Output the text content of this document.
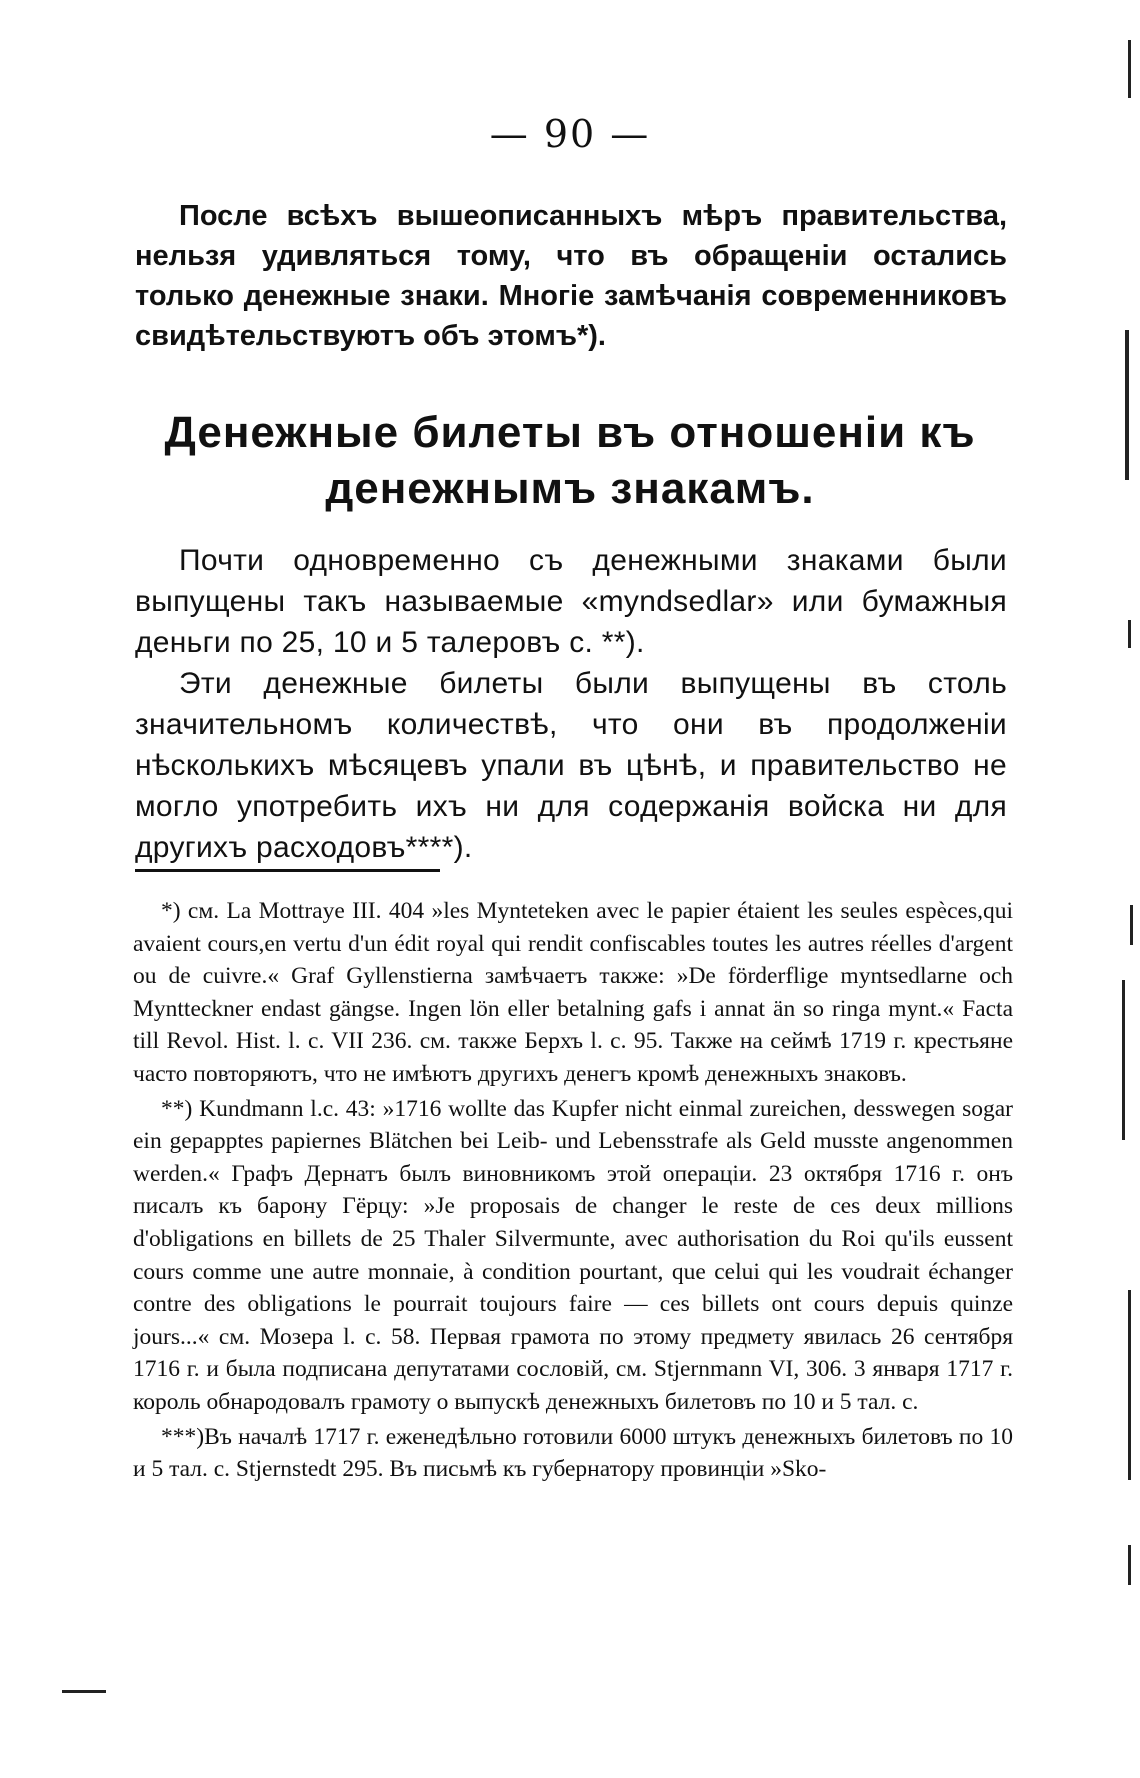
— 90 —

После всѣхъ вышеописанныхъ мѣръ правительства, нельзя удивляться тому, что въ обращеніи остались только денежные знаки. Многіе замѣчанія современниковъ свидѣтельствуютъ объ этомъ*).

Денежные билеты въ отношеніи къ денежнымъ знакамъ.

Почти одновременно съ денежными знаками были выпущены такъ называемые «myndsedlar» или бумажныя деньги по 25, 10 и 5 талеровъ с. **).

Эти денежные билеты были выпущены въ столь значительномъ количествѣ, что они въ продолженіи нѣсколькихъ мѣсяцевъ упали въ цѣнѣ, и правительство не могло употребить ихъ ни для содержанія войска ни для другихъ расходовъ****).

*) см. La Mottraye III. 404 »les Mynteteken avec le papier étaient les seules espèces,qui avaient cours,en vertu d'un édit royal qui rendit confiscables toutes les autres réelles d'argent ou de cuivre.« Graf Gyllenstierna замѣчаетъ также: »De förderflige myntsedlarne och Myntteckner endast gängse. Ingen lön eller betalning gafs i annat än so ringa mynt.« Facta till Revol. Hist. l. c. VII 236. см. также Берхъ l. c. 95. Также на сеймѣ 1719 г. крестьяне часто повторяютъ, что не имѣютъ другихъ денегъ кромѣ денежныхъ знаковъ.

**) Kundmann l.c. 43: »1716 wollte das Kupfer nicht einmal zureichen, desswegen sogar ein gepapptes papiernes Blätchen bei Leib- und Lebensstrafe als Geld musste angenommen werden.« Графъ Дернатъ былъ виновникомъ этой операціи. 23 октября 1716 г. онъ писалъ къ барону Гёрцу: »Je proposais de changer le reste de ces deux millions d'obligations en billets de 25 Thaler Silvermunte, avec authorisation du Roi qu'ils eussent cours comme une autre monnaie, à condition pourtant, que celui qui les voudrait échanger contre des obligations le pourrait toujours faire — ces billets ont cours depuis quinze jours...« см. Мозера l. c. 58. Первая грамота по этому предмету явилась 26 сентября 1716 г. и была подписана депутатами сословій, см. Stjernmann VI, 306. 3 января 1717 г. король обнародовалъ грамоту о выпускѣ денежныхъ билетовъ по 10 и 5 тал. с.

***)Въ началѣ 1717 г. еженедѣльно готовили 6000 штукъ денежныхъ билетовъ по 10 и 5 тал. с. Stjernstedt 295. Въ письмѣ къ губернатору провинціи »Sko-
